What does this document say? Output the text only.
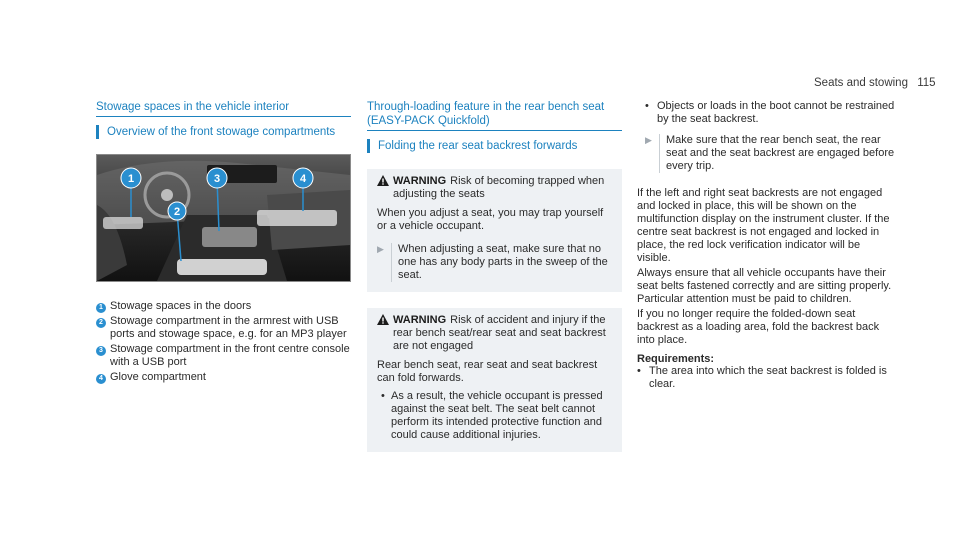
Seats and stowing 115
Stowage spaces in the vehicle interior
Overview of the front stowage compartments
1
2
3	4
1 Stowage spaces in the doors
2 Stowage compartment in the armrest with USB ports and stowage space, e.g. for an MP3 player
3 Stowage compartment in the front centre console with a USB port
4 Glove compartment
Through-loading feature in the rear bench seat (EASY-PACK Quickfold)
Folding the rear seat backrest forwards
WARNING Risk of becoming trapped when adjusting the seats
When you adjust a seat, you may trap yourself or a vehicle occupant.
▶	When adjusting a seat, make sure that no one has any body parts in the sweep of the seat.
WARNING Risk of accident and injury if the rear bench seat/rear seat and seat backrest are not engaged
Rear bench seat, rear seat and seat backrest can fold forwards.
• As a result, the vehicle occupant is pressed against the seat belt. The seat belt cannot perform its intended protective function and could cause additional injuries.
• Objects or loads in the boot cannot be restrained by the seat backrest.
▶	Make sure that the rear bench seat, the rear seat and the seat backrest are engaged before every trip.
If the left and right seat backrests are not engaged and locked in place, this will be shown on the multifunction display on the instrument cluster. If the centre seat backrest is not engaged and locked in place, the red lock verification indicator will be visible.
Always ensure that all vehicle occupants have their seat belts fastened correctly and are sitting properly. Particular attention must be paid to children.
If you no longer require the folded-down seat backrest as a loading area, fold the backrest back into place.
Requirements:
• The area into which the seat backrest is folded is clear.
